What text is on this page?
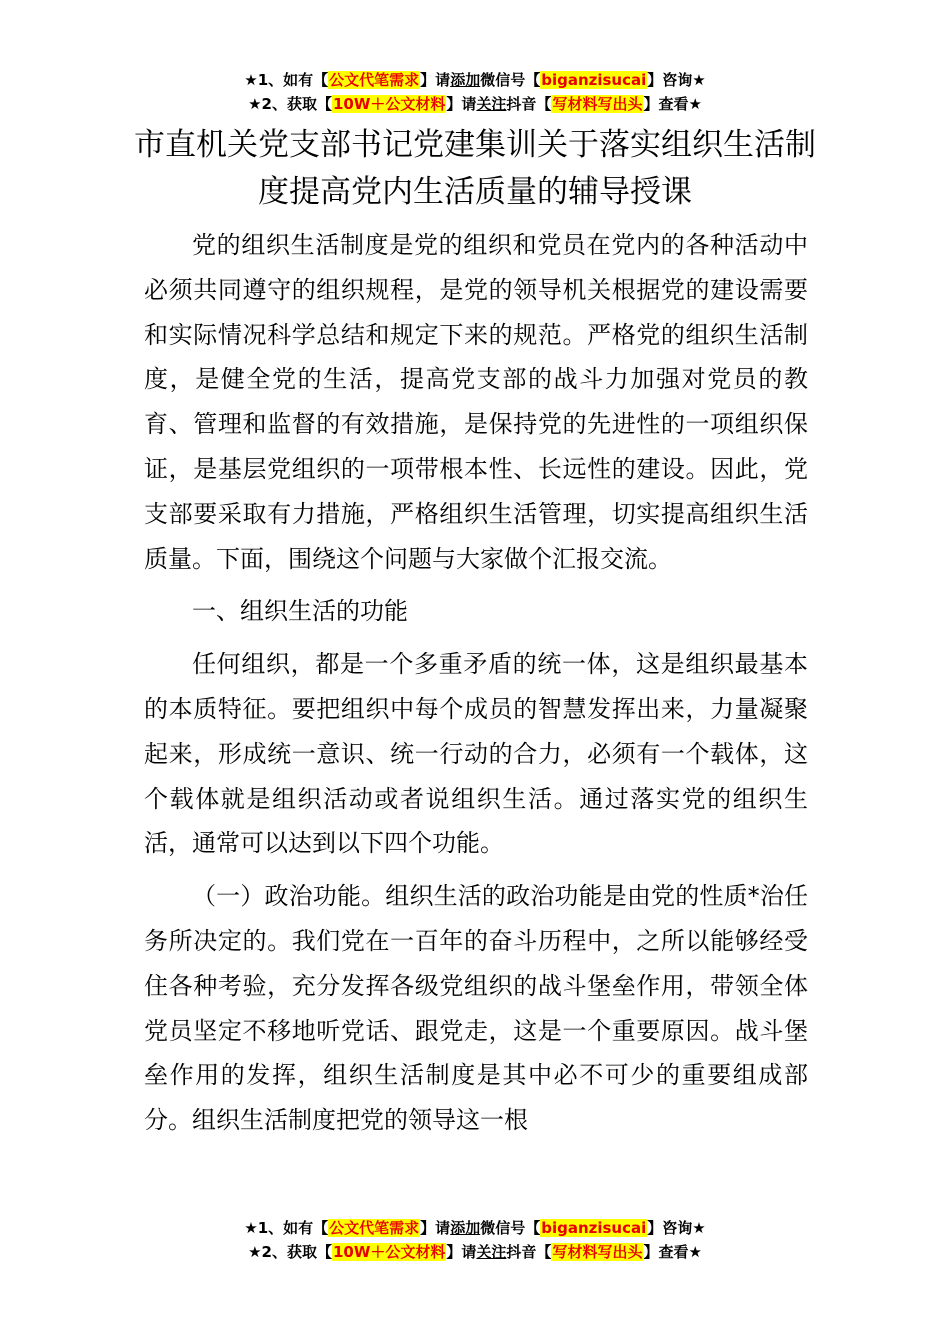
★1、如有【公文代笔需求】请添加微信号【biganzisucai】咨询★
★2、获取【10W＋公文材料】请关注抖音【写材料写出头】查看★
市直机关党支部书记党建集训关于落实组织生活制度提高党内生活质量的辅导授课

党的组织生活制度是党的组织和党员在党内的各种活动中必须共同遵守的组织规程，是党的领导机关根据党的建设需要和实际情况科学总结和规定下来的规范。严格党的组织生活制度，是健全党的生活，提高党支部的战斗力加强对党员的教育、管理和监督的有效措施，是保持党的先进性的一项组织保证，是基层党组织的一项带根本性、长远性的建设。因此，党支部要采取有力措施，严格组织生活管理，切实提高组织生活质量。下面，围绕这个问题与大家做个汇报交流。

一、组织生活的功能

任何组织，都是一个多重矛盾的统一体，这是组织最基本的本质特征。要把组织中每个成员的智慧发挥出来，力量凝聚起来，形成统一意识、统一行动的合力，必须有一个载体，这个载体就是组织活动或者说组织生活。通过落实党的组织生活，通常可以达到以下四个功能。

（一）政治功能。组织生活的政治功能是由党的性质*治任务所决定的。我们党在一百年的奋斗历程中，之所以能够经受住各种考验，充分发挥各级党组织的战斗堡垒作用，带领全体党员坚定不移地听党话、跟党走，这是一个重要原因。战斗堡垒作用的发挥，组织生活制度是其中必不可少的重要组成部分。组织生活制度把党的领导这一根

★1、如有【公文代笔需求】请添加微信号【biganzisucai】咨询★
★2、获取【10W＋公文材料】请关注抖音【写材料写出头】查看★
